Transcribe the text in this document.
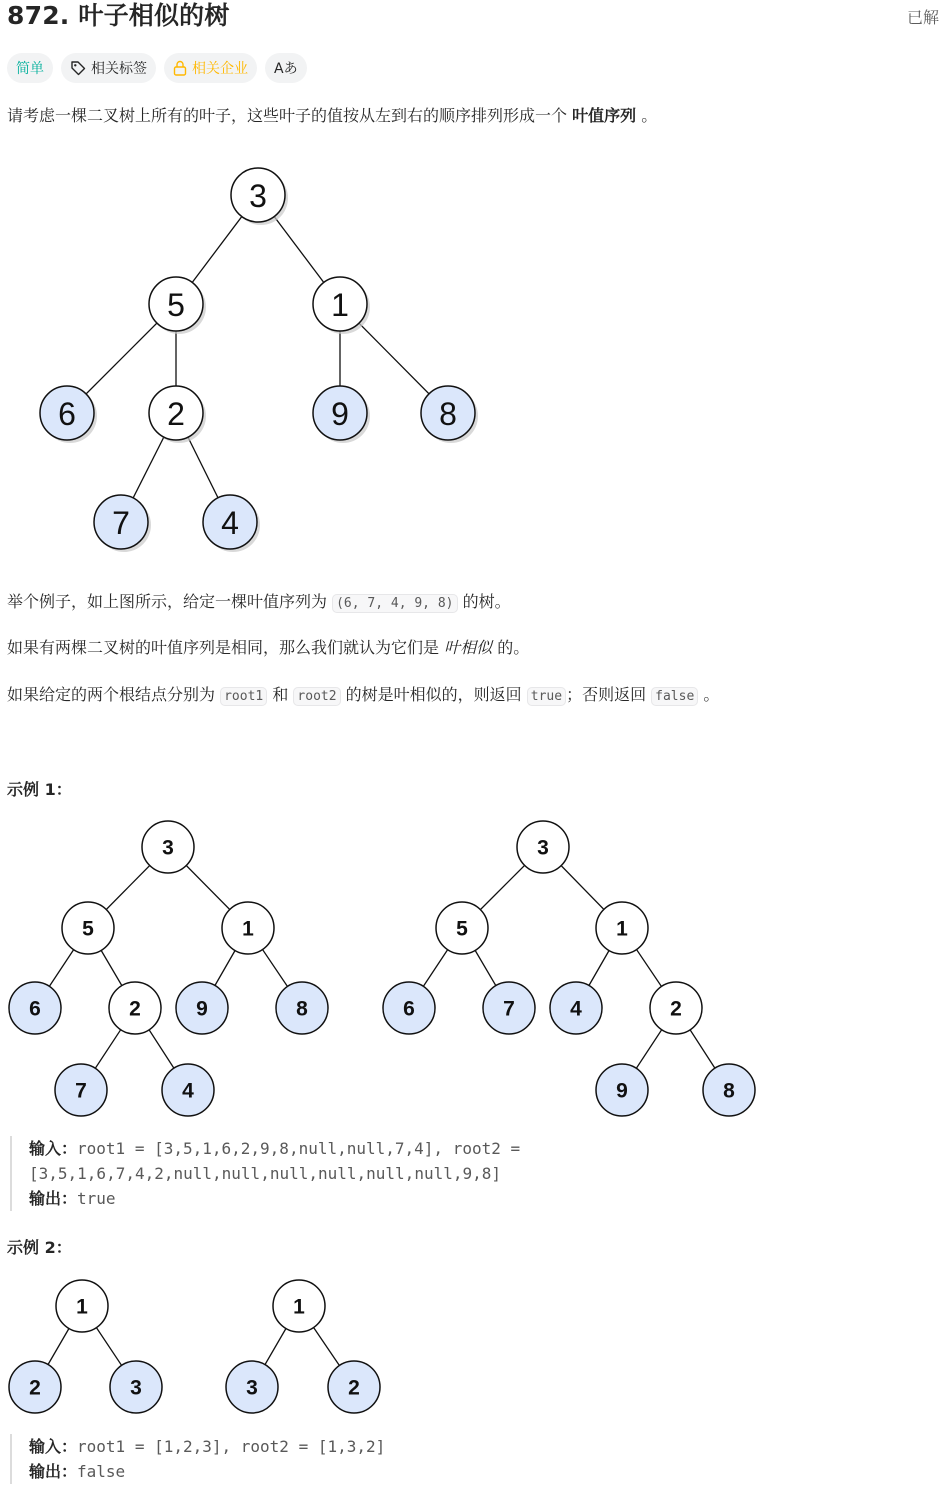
872. 叶子相似的树	已解
简单	相关标签	相关企业 Aあ
请考虑一棵二叉树上所有的叶子，这些叶子的值按从左到右的顺序排列形成一个 叶值序列 。
3
5	1
6	2	9	8
7	4
举个例子，如上图所示，给定一棵叶值序列为 (6, 7, 4, 9, 8) 的树。
如果有两棵二叉树的叶值序列是相同，那么我们就认为它们是 叶相似 的。
如果给定的两个根结点分别为 root1 和 root2 的树是叶相似的，则返回 true ；否则返回 false 。
示例 1：
3
5	1
6	2	9	8
7	4
3
5	1
6	7	4	2
9	8
输入：root1 = [3,5,1,6,2,9,8,null,null,7,4], root2 =
[3,5,1,6,7,4,2,null,null,null,null,null,null,9,8]
输出：true
示例 2：
1
2	3
1
3	2
输入：root1 = [1,2,3], root2 = [1,3,2]
输出：false
